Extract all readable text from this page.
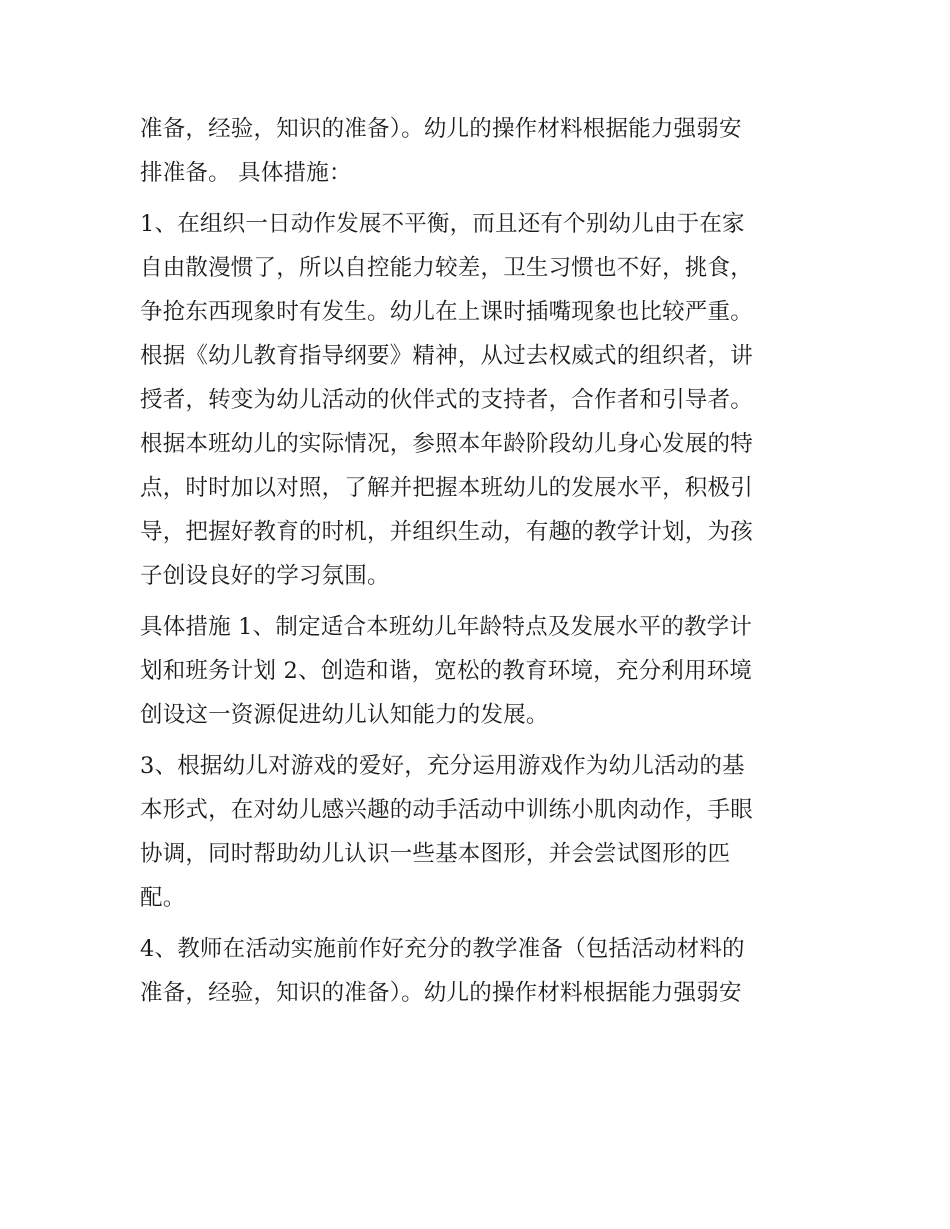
准备，经验，知识的准备）。幼儿的操作材料根据能力强弱安
排准备。 具体措施：

1、在组织一日动作发展不平衡，而且还有个别幼儿由于在家
自由散漫惯了，所以自控能力较差，卫生习惯也不好，挑食，
争抢东西现象时有发生。幼儿在上课时插嘴现象也比较严重。
根据《幼儿教育指导纲要》精神，从过去权威式的组织者，讲
授者，转变为幼儿活动的伙伴式的支持者，合作者和引导者。
根据本班幼儿的实际情况，参照本年龄阶段幼儿身心发展的特
点，时时加以对照，了解并把握本班幼儿的发展水平，积极引
导，把握好教育的时机，并组织生动，有趣的教学计划，为孩
子创设良好的学习氛围。

具体措施 1、制定适合本班幼儿年龄特点及发展水平的教学计
划和班务计划 2、创造和谐，宽松的教育环境，充分利用环境
创设这一资源促进幼儿认知能力的发展。

3、根据幼儿对游戏的爱好，充分运用游戏作为幼儿活动的基
本形式，在对幼儿感兴趣的动手活动中训练小肌肉动作，手眼
协调，同时帮助幼儿认识一些基本图形，并会尝试图形的匹
配。

4、教师在活动实施前作好充分的教学准备（包括活动材料的
准备，经验，知识的准备）。幼儿的操作材料根据能力强弱安
